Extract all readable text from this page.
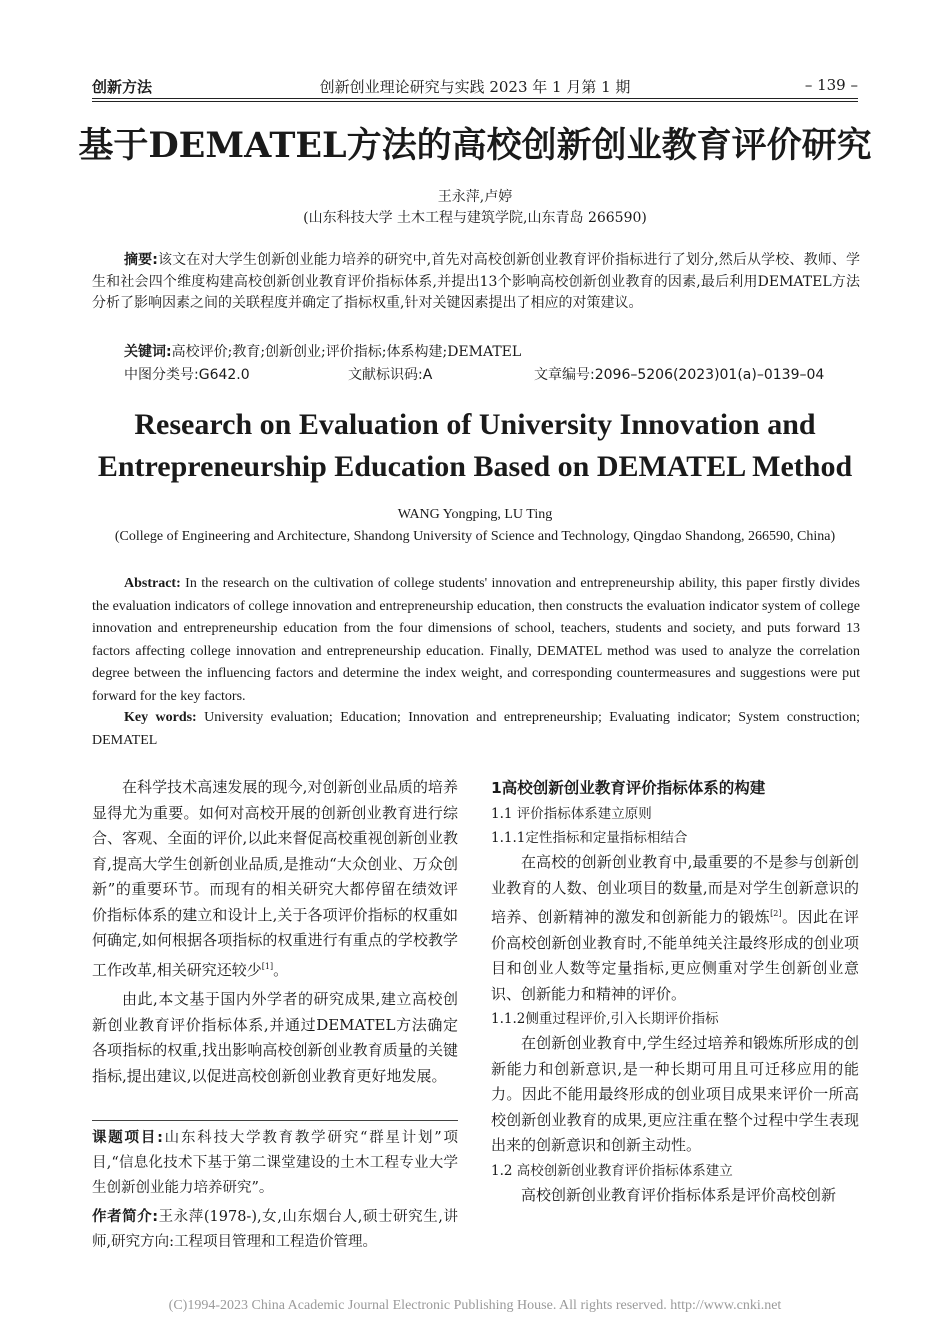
创新方法	创新创业理论研究与实践 2023 年 1 月第 1 期	– 139 –
基于DEMATEL方法的高校创新创业教育评价研究
王永萍,卢婷
(山东科技大学 土木工程与建筑学院,山东青岛 266590)
摘要:该文在对大学生创新创业能力培养的研究中,首先对高校创新创业教育评价指标进行了划分,然后从学校、教师、学生和社会四个维度构建高校创新创业教育评价指标体系,并提出13个影响高校创新创业教育的因素,最后利用DEMATEL方法分析了影响因素之间的关联程度并确定了指标权重,针对关键因素提出了相应的对策建议。
关键词:高校评价;教育;创新创业;评价指标;体系构建;DEMATEL
中图分类号:G642.0	文献标识码:A	文章编号:2096–5206(2023)01(a)–0139–04
Research on Evaluation of University Innovation and
Entrepreneurship Education Based on DEMATEL Method
WANG Yongping, LU Ting
(College of Engineering and Architecture, Shandong University of Science and Technology, Qingdao Shandong, 266590, China)
Abstract: In the research on the cultivation of college students' innovation and entrepreneurship ability, this paper firstly divides the evaluation indicators of college innovation and entrepreneurship education, then constructs the evaluation indicator system of college innovation and entrepreneurship education from the four dimensions of school, teachers, students and society, and puts forward 13 factors affecting college innovation and entrepreneurship education. Finally, DEMATEL method was used to analyze the correlation degree between the influencing factors and determine the index weight, and corresponding countermeasures and suggestions were put forward for the key factors.
Key words: University evaluation; Education; Innovation and entrepreneurship; Evaluating indicator; System construction; DEMATEL

在科学技术高速发展的现今,对创新创业品质的培养显得尤为重要。如何对高校开展的创新创业教育进行综合、客观、全面的评价,以此来督促高校重视创新创业教育,提高大学生创新创业品质,是推动“大众创业、万众创新”的重要环节。而现有的相关研究大都停留在绩效评价指标体系的建立和设计上,关于各项评价指标的权重如何确定,如何根据各项指标的权重进行有重点的学校教学工作改革,相关研究还较少[1]。

由此,本文基于国内外学者的研究成果,建立高校创新创业教育评价指标体系,并通过DEMATEL方法确定各项指标的权重,找出影响高校创新创业教育质量的关键指标,提出建议,以促进高校创新创业教育更好地发展。

课题项目:山东科技大学教育教学研究“群星计划”项目,“信息化技术下基于第二课堂建设的土木工程专业大学生创新创业能力培养研究”。

作者简介:王永萍(1978-),女,山东烟台人,硕士研究生,讲师,研究方向:工程项目管理和工程造价管理。

1高校创新创业教育评价指标体系的构建

1.1 评价指标体系建立原则

1.1.1定性指标和定量指标相结合

在高校的创新创业教育中,最重要的不是参与创新创业教育的人数、创业项目的数量,而是对学生创新意识的培养、创新精神的激发和创新能力的锻炼[2]。因此在评价高校创新创业教育时,不能单纯关注最终形成的创业项目和创业人数等定量指标,更应侧重对学生创新创业意识、创新能力和精神的评价。

1.1.2侧重过程评价,引入长期评价指标

在创新创业教育中,学生经过培养和锻炼所形成的创新能力和创新意识,是一种长期可用且可迁移应用的能力。因此不能用最终形成的创业项目成果来评价一所高校创新创业教育的成果,更应注重在整个过程中学生表现出来的创新意识和创新主动性。

1.2 高校创新创业教育评价指标体系建立

高校创新创业教育评价指标体系是评价高校创新

(C)1994-2023 China Academic Journal Electronic Publishing House. All rights reserved. http://www.cnki.net
